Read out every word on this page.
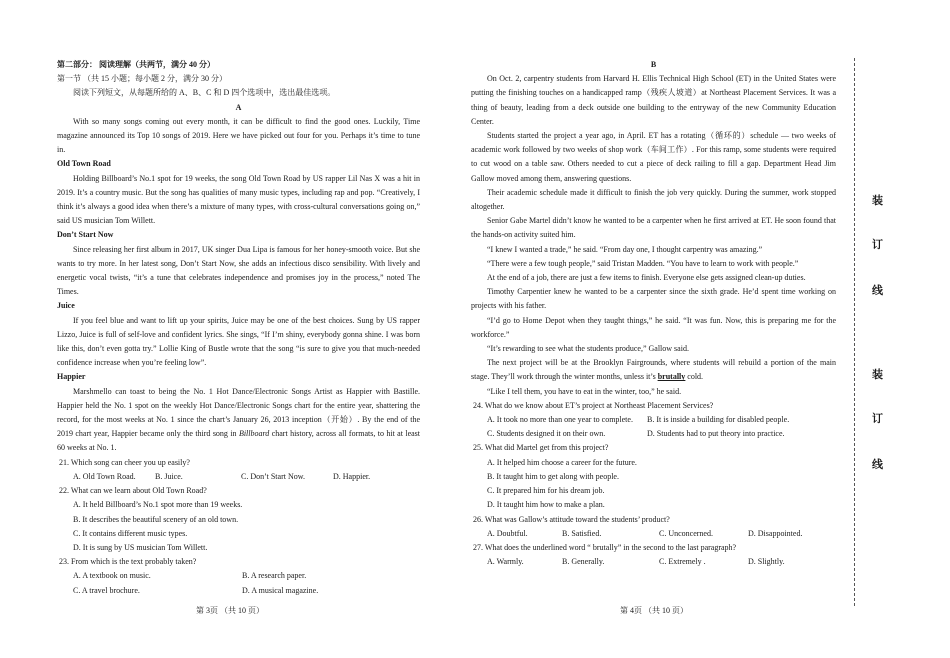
第二部分： 阅读理解（共两节，满分 40 分）

第一节 （共 15 小题；每小题 2 分，满分 30 分）

阅读下列短文，从每题所给的 A、B、C 和 D 四个选项中，选出最佳选项。

A

With so many songs coming out every month, it can be difficult to find the good ones. Luckily, Time magazine announced its Top 10 songs of 2019. Here we have picked out four for you. Perhaps it’s time to tune in.

Old Town Road

Holding Billboard’s No.1 spot for 19 weeks, the song Old Town Road by US rapper Lil Nas X was a hit in 2019. It’s a country music. But the song has qualities of many music types, including rap and pop. “Creatively, I think it’s always a good idea when there’s a mixture of many types, with cross-cultural conversations going on,” said US musician Tom Willett.

Don’t Start Now

Since releasing her first album in 2017, UK singer Dua Lipa is famous for her honey-smooth voice. But she wants to try more. In her latest song, Don’t Start Now, she adds an infectious disco sensibility. With lively and energetic vocal twists, “it’s a tune that celebrates independence and promises joy in the process,” noted The Times.

Juice

If you feel blue and want to lift up your spirits, Juice may be one of the best choices. Sung by US rapper Lizzo, Juice is full of self-love and confident lyrics. She sings, “If I’m shiny, everybody gonna shine. I was born like this, don’t even gotta try.” Lollie King of Bustle wrote that the song “is sure to give you that much-needed confidence increase when you’re feeling low”.

Happier

Marshmello can toast to being the No. 1 Hot Dance/Electronic Songs Artist as Happier with Bastille. Happier held the No. 1 spot on the weekly Hot Dance/Electronic Songs chart for the entire year, shattering the record, for the most weeks at No. 1 since the chart’s January 26, 2013 inception（开始）. By the end of the 2019 chart year, Happier became only the third song in Billboard chart history, across all formats, to hit at least 60 weeks at No. 1.

21. Which song can cheer you up easily?

A. Old Town Road.	B. Juice.	C. Don’t Start Now.	D. Happier.

22. What can we learn about Old Town Road?

A. It held Billboard’s No.1 spot more than 19 weeks.

B. It describes the beautiful scenery of an old town.

C. It contains different music types.

D. It is sung by US musician Tom Willett.

23. From which is the text probably taken?

A. A textbook on music.	B. A research paper.
C. A travel brochure.	D. A musical magazine.

B

On Oct. 2, carpentry students from Harvard H. Ellis Technical High School (ET) in the United States were putting the finishing touches on a handicapped ramp（残疾人坡道）at Northeast Placement Services. It was a thing of beauty, leading from a deck outside one building to the entryway of the new Community Education Center.

Students started the project a year ago, in April. ET has a rotating（循环的）schedule — two weeks of academic work followed by two weeks of shop work（车间工作）. For this ramp, some students were required to cut wood on a table saw. Others needed to cut a piece of deck railing to fill a gap. Department Head Jim Gallow moved among them, answering questions.

Their academic schedule made it difficult to finish the job very quickly. During the summer, work stopped altogether.

Senior Gabe Martel didn’t know he wanted to be a carpenter when he first arrived at ET. He soon found that the hands-on activity suited him.

“I knew I wanted a trade,” he said. “From day one, I thought carpentry was amazing.”

“There were a few tough people,” said Tristan Madden. “You have to learn to work with people.”

At the end of a job, there are just a few items to finish. Everyone else gets assigned clean-up duties.

Timothy Carpentier knew he wanted to be a carpenter since the sixth grade. He’d spent time working on projects with his father.

“I’d go to Home Depot when they taught things,” he said. “It was fun. Now, this is preparing me for the workforce.”

“It’s rewarding to see what the students produce,” Gallow said.

The next project will be at the Brooklyn Fairgrounds, where students will rebuild a portion of the main stage. They’ll work through the winter months, unless it’s brutally cold.

“Like I tell them, you have to eat in the winter, too,” he said.

24. What do we know about ET’s project at Northeast Placement Services?

A. It took no more than one year to complete.	B. It is inside a building for disabled people.
C. Students designed it on their own.	D. Students had to put theory into practice.

25. What did Martel get from this project?

A. It helped him choose a career for the future.

B. It taught him to get along with people.

C. It prepared him for his dream job.

D. It taught him how to make a plan.

26. What was Gallow’s attitude toward the students’ product?

A. Doubtful.	B. Satisfied.	C. Unconcerned.	D. Disappointed.

27. What does the underlined word “ brutally” in the second to the last paragraph?

A. Warmly.	B. Generally.	C. Extremely .	D. Slightly.
第 3页 （共 10 页）	第 4页 （共 10 页）
装
订
线
装
订
线
